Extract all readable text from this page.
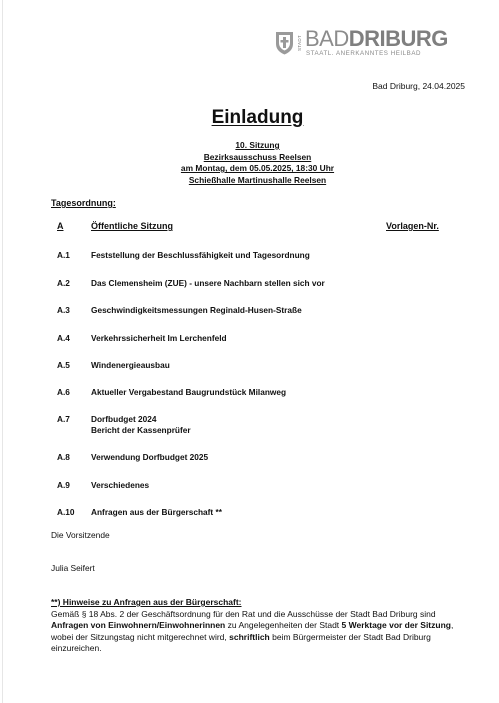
STADT BADDRIBURG
STAATL. ANERKANNTES HEILBAD
Bad Driburg, 24.04.2025
Einladung
10. Sitzung
Bezirksausschuss Reelsen
am Montag, dem 05.05.2025, 18:30 Uhr
Schießhalle Martinushalle Reelsen
Tagesordnung:
A	Öffentliche Sitzung	Vorlagen-Nr.
A.1	Feststellung der Beschlussfähigkeit und Tagesordnung
A.2	Das Clemensheim (ZUE) - unsere Nachbarn stellen sich vor
A.3	Geschwindigkeitsmessungen Reginald-Husen-Straße
A.4	Verkehrssicherheit Im Lerchenfeld
A.5	Windenergieausbau
A.6	Aktueller Vergabestand Baugrundstück Milanweg
A.7	Dorfbudget 2024
Bericht der Kassenprüfer
A.8	Verwendung Dorfbudget 2025
A.9	Verschiedenes
A.10 Anfragen aus der Bürgerschaft **
Die Vorsitzende
Julia Seifert
**) Hinweise zu Anfragen aus der Bürgerschaft:
Gemäß § 18 Abs. 2 der Geschäftsordnung für den Rat und die Ausschüsse der Stadt Bad Driburg sind Anfragen von Einwohnern/Einwohnerinnen zu Angelegenheiten der Stadt 5 Werktage vor der Sitzung, wobei der Sitzungstag nicht mitgerechnet wird, schriftlich beim Bürgermeister der Stadt Bad Driburg einzureichen.
